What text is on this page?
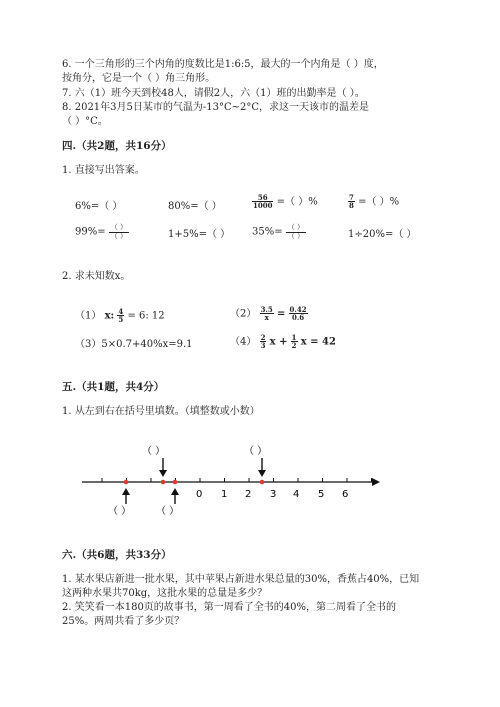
6. 一个三角形的三个内角的度数比是1:6:5，最大的一个内角是（ ）度，
按角分，它是一个（ ）角三角形。
7. 六（1）班今天到校48人，请假2人，六（1）班的出勤率是（ ）。
8. 2021年3月5日某市的气温为-13°C~2°C，求这一天该市的温差是
（ ）°C。
四.（共2题，共16分）
1. 直接写出答案。
6%=（ ）	80%=（ ）	$\frac{56}{1000}$ =（ ）%	$\frac{7}{8}$ =（ ）%
$99\%= \frac{( )}{( )}$	1+5%=（ ） $35\%= \frac{( )}{( )}$	1÷20%=（ ）
2. 求未知数x。
（1） x: $\frac{4}{5} = 6$: 12	$(2) \frac{3.5}{x} = \frac{0.42}{0.6}$
（3）5×0.7+40%x=9.1	$(4) \frac{2}{3}$ $x + \frac{1}{2}$ x = 42
五.（共1题，共4分）
1. 从左到右在括号里填数。（填整数或小数）
（ ）	（ ）
0 1 2 3 4 5 6
（ ） （ ）
六.（共6题，共33分）
1. 某水果店新进一批水果，其中苹果占新进水果总量的30%，香蕉占40%，已知
这两种水果共70kg，这批水果的总量是多少？
2. 笑笑看一本180页的故事书，第一周看了全书的40%，第二周看了全书的
25%。两周共看了多少页？
